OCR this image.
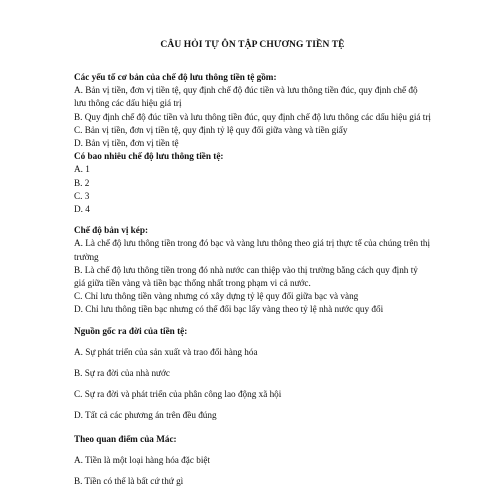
CÂU HỎI TỰ ÔN TẬP CHƯƠNG TIỀN TỆ

Các yếu tố cơ bản của chế độ lưu thông tiền tệ gồm:

A. Bản vị tiền, đơn vị tiền tệ, quy định chế độ đúc tiền và lưu thông tiền đúc, quy định chế độ lưu thông các dấu hiệu giá trị

B. Quy định chế độ đúc tiền và lưu thông tiền đúc, quy định chế độ lưu thông các dấu hiệu giá trị

C. Bản vị tiền, đơn vị tiền tệ, quy định tỷ lệ quy đổi giữa vàng và tiền giấy

D. Bản vị tiền, đơn vị tiền tệ

Có bao nhiêu chế độ lưu thông tiền tệ:

A. 1

B. 2

C. 3

D. 4

Chế độ bản vị kép:

A. Là chế độ lưu thông tiền trong đó bạc và vàng lưu thông theo giá trị thực tế của chúng trên thị trường

B. Là chế độ lưu thông tiền trong đó nhà nước can thiệp vào thị trường bằng cách quy định tỷ giá giữa tiền vàng và tiền bạc thống nhất trong phạm vi cả nước.

C. Chỉ lưu thông tiền vàng nhưng có xây dựng tỷ lệ quy đổi giữa bạc và vàng

D. Chỉ lưu thông tiền bạc nhưng có thể đổi bạc lấy vàng theo tỷ lệ nhà nước quy đổi

Nguồn gốc ra đời của tiền tệ:

A. Sự phát triển của sản xuất và trao đổi hàng hóa

B. Sự ra đời của nhà nước

C. Sự ra đời và phát triển của phân công lao động xã hội

D. Tất cả các phương án trên đều đúng

Theo quan điểm của Mác:

A. Tiền là một loại hàng hóa đặc biệt

B. Tiền có thể là bất cứ thứ gì
